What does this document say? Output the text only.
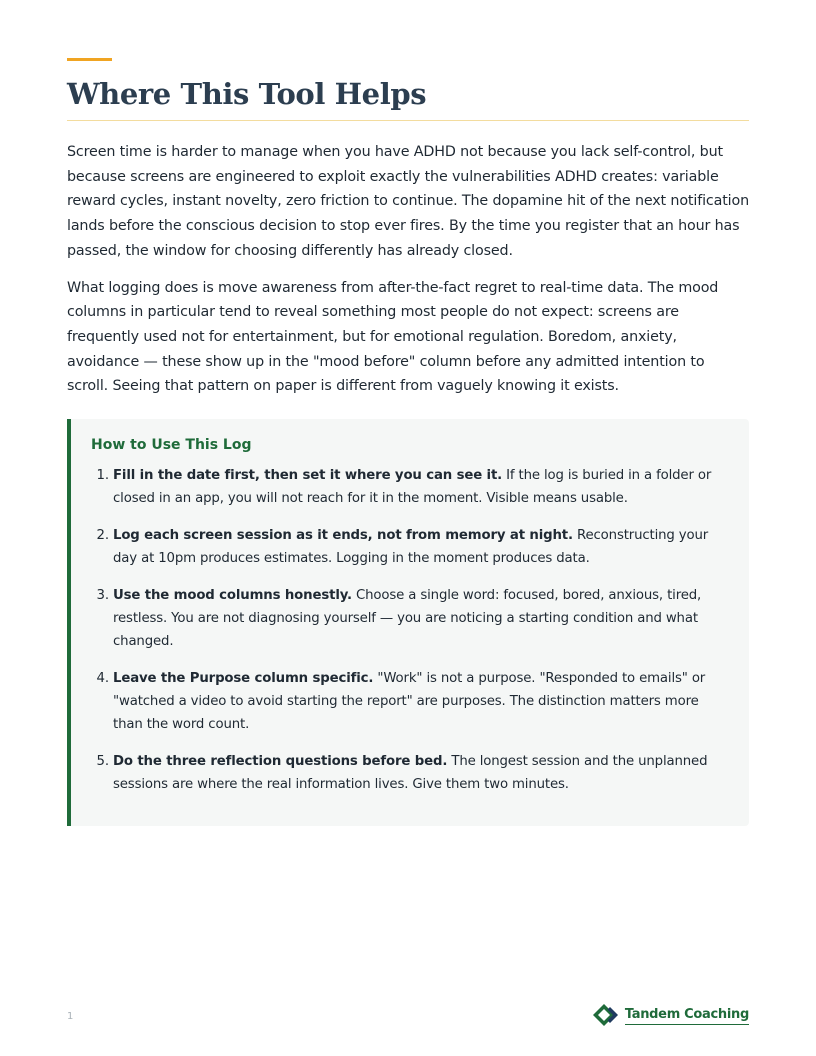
Where This Tool Helps

Screen time is harder to manage when you have ADHD not because you lack self-control, but because screens are engineered to exploit exactly the vulnerabilities ADHD creates: variable reward cycles, instant novelty, zero friction to continue. The dopamine hit of the next notification lands before the conscious decision to stop ever fires. By the time you register that an hour has passed, the window for choosing differently has already closed.

What logging does is move awareness from after-the-fact regret to real-time data. The mood columns in particular tend to reveal something most people do not expect: screens are frequently used not for entertainment, but for emotional regulation. Boredom, anxiety, avoidance — these show up in the "mood before" column before any admitted intention to scroll. Seeing that pattern on paper is different from vaguely knowing it exists.

How to Use This Log
1. Fill in the date first, then set it where you can see it. If the log is buried in a folder or closed in an app, you will not reach for it in the moment. Visible means usable.
2. Log each screen session as it ends, not from memory at night. Reconstructing your day at 10pm produces estimates. Logging in the moment produces data.
3. Use the mood columns honestly. Choose a single word: focused, bored, anxious, tired, restless. You are not diagnosing yourself — you are noticing a starting condition and what changed.
4. Leave the Purpose column specific. "Work" is not a purpose. "Responded to emails" or "watched a video to avoid starting the report" are purposes. The distinction matters more than the word count.
5. Do the three reflection questions before bed. The longest session and the unplanned sessions are where the real information lives. Give them two minutes.
1	Tandem Coaching
